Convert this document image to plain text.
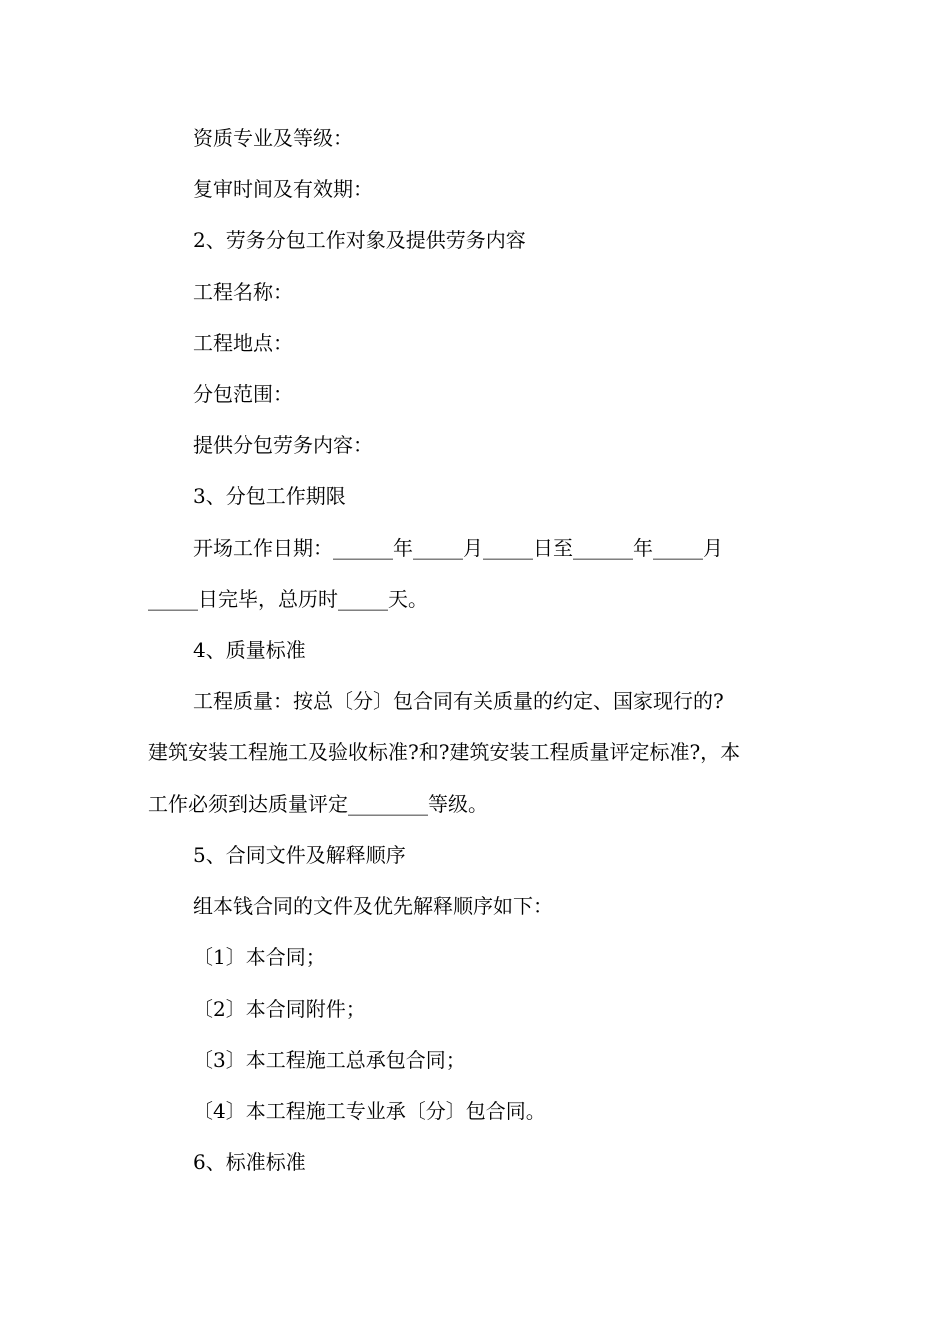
资质专业及等级：
复审时间及有效期：
2、劳务分包工作对象及提供劳务内容
工程名称：
工程地点：
分包范围：
提供分包劳务内容：
3、分包工作期限
开场工作日期：______年_____月_____日至______年_____月
_____日完毕，总历时_____天。
4、质量标准
工程质量：按总〔分〕包合同有关质量的约定、国家现行的?
建筑安装工程施工及验收标准?和?建筑安装工程质量评定标准?，本
工作必须到达质量评定________等级。
5、合同文件及解释顺序
组本钱合同的文件及优先解释顺序如下：
〔1〕本合同；
〔2〕本合同附件；
〔3〕本工程施工总承包合同；
〔4〕本工程施工专业承〔分〕包合同。
6、标准标准
